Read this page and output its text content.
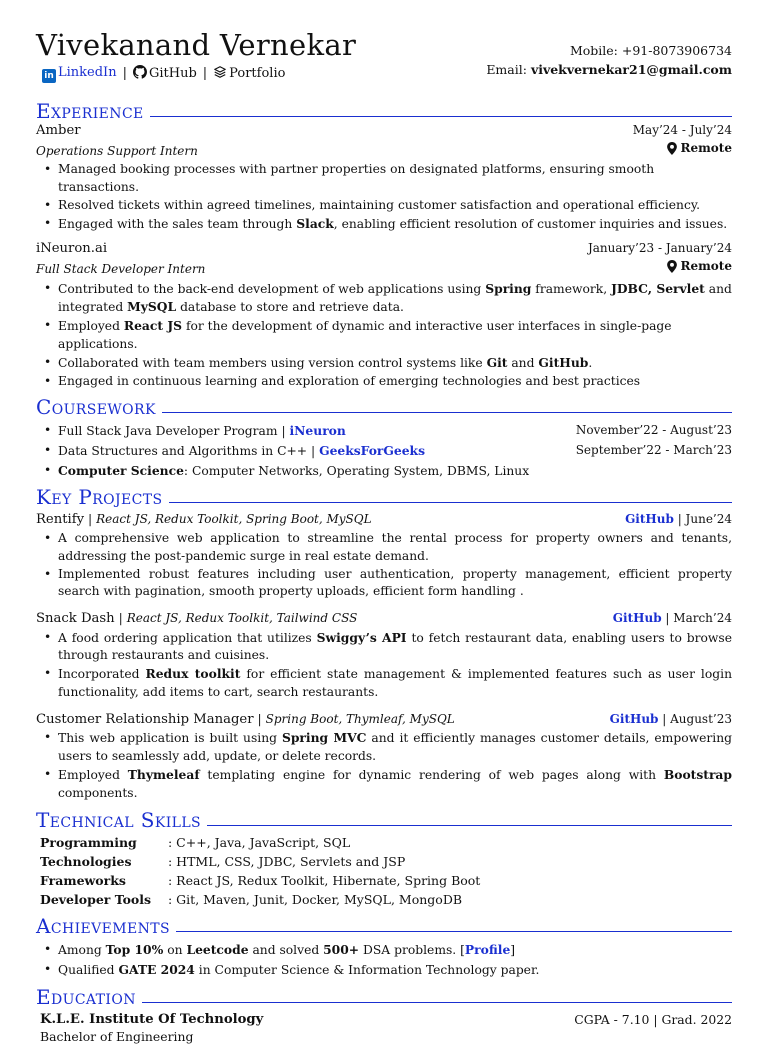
Vivekanand Vernekar
in LinkedIn |	GitHub |	Portfolio
Mobile: +91-8073906734
Email: vivekvernekar21@gmail.com
Experience
Amber	May’24 - July’24
Operations Support Intern	Remote
• Managed booking processes with partner properties on designated platforms, ensuring smooth transactions.
• Resolved tickets within agreed timelines, maintaining customer satisfaction and operational efficiency.
• Engaged with the sales team through Slack, enabling efficient resolution of customer inquiries and issues.
iNeuron.ai	January’23 - January’24
Full Stack Developer Intern	Remote
• Contributed to the back-end development of web applications using Spring framework, JDBC, Servlet and integrated MySQL database to store and retrieve data.
• Employed React JS for the development of dynamic and interactive user interfaces in single-page applications.
• Collaborated with team members using version control systems like Git and GitHub.
• Engaged in continuous learning and exploration of emerging technologies and best practices
Coursework
• Full Stack Java Developer Program | iNeuron	November’22 - August’23
• Data Structures and Algorithms in C++ | GeeksForGeeks	September’22 - March’23
• Computer Science: Computer Networks, Operating System, DBMS, Linux
Key Projects
Rentify | React JS, Redux Toolkit, Spring Boot, MySQL	GitHub | June’24
• A comprehensive web application to streamline the rental process for property owners and tenants, addressing the post-pandemic surge in real estate demand.
• Implemented robust features including user authentication, property management, efficient property search with pagination, smooth property uploads, efficient form handling .
Snack Dash | React JS, Redux Toolkit, Tailwind CSS	GitHub | March’24
• A food ordering application that utilizes Swiggy’s API to fetch restaurant data, enabling users to browse through restaurants and cuisines.
• Incorporated Redux toolkit for efficient state management & implemented features such as user login functionality, add items to cart, search restaurants.
Customer Relationship Manager | Spring Boot, Thymleaf, MySQL	GitHub | August’23
• This web application is built using Spring MVC and it efficiently manages customer details, empowering users to seamlessly add, update, or delete records.
• Employed Thymeleaf templating engine for dynamic rendering of web pages along with Bootstrap components.
Technical Skills
Programming	: C++, Java, JavaScript, SQL
Technologies	: HTML, CSS, JDBC, Servlets and JSP
Frameworks	: React JS, Redux Toolkit, Hibernate, Spring Boot
Developer Tools	: Git, Maven, Junit, Docker, MySQL, MongoDB
Achievements
• Among Top 10% on Leetcode and solved 500+ DSA problems. [Profile]
• Qualified GATE 2024 in Computer Science & Information Technology paper.
Education
K.L.E. Institute Of Technology	CGPA - 7.10 | Grad. 2022
Bachelor of Engineering
